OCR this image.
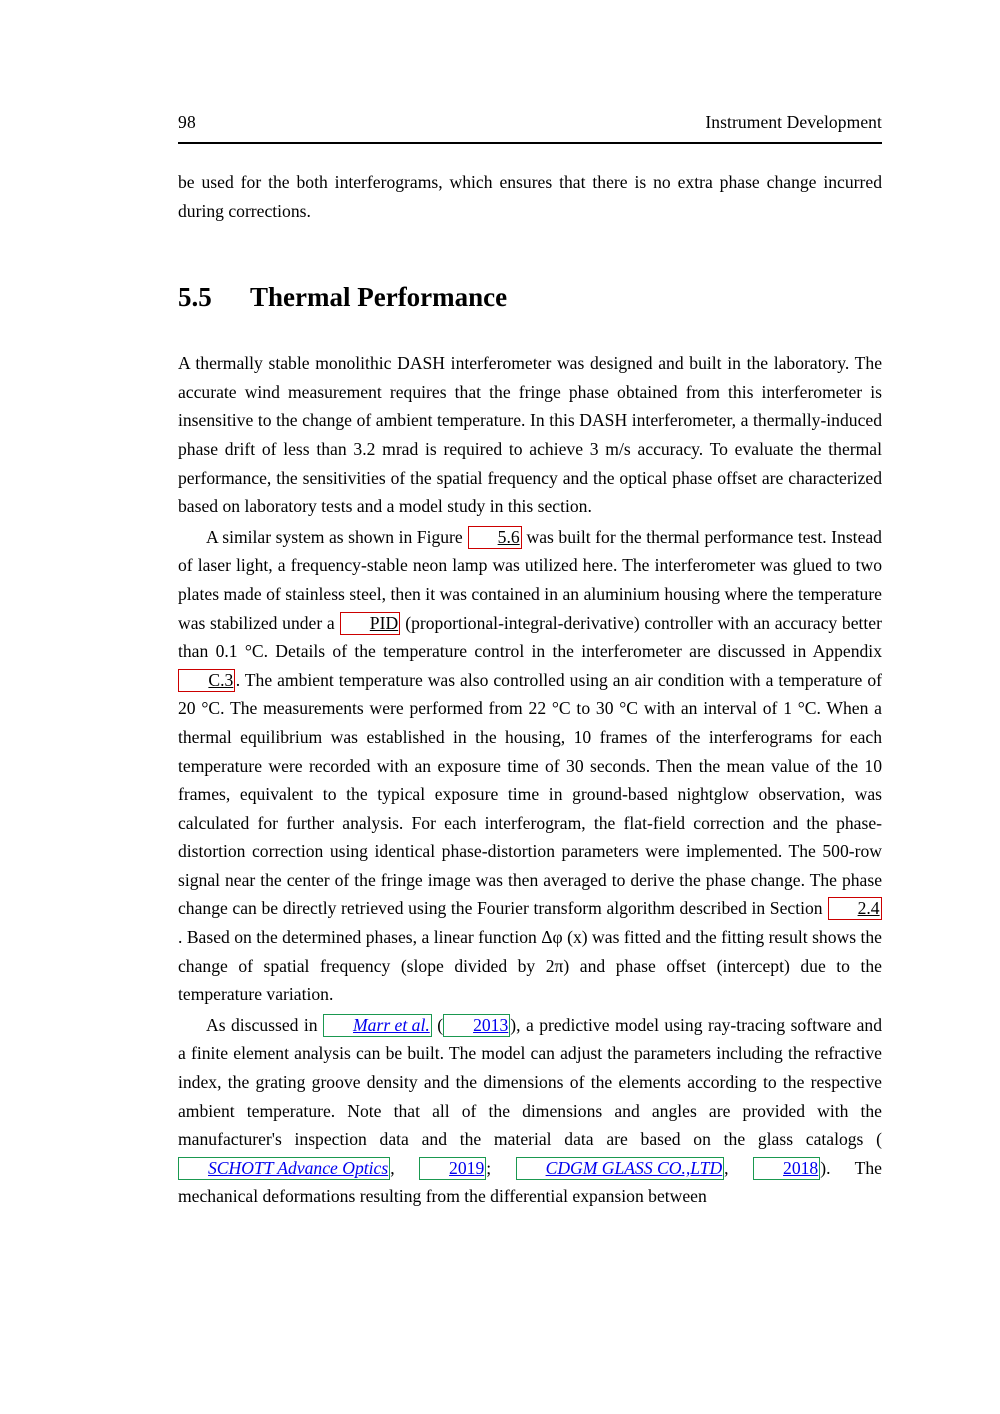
98	Instrument Development

be used for the both interferograms, which ensures that there is no extra phase change incurred during corrections.

5.5	Thermal Performance

A thermally stable monolithic DASH interferometer was designed and built in the laboratory. The accurate wind measurement requires that the fringe phase obtained from this interferometer is insensitive to the change of ambient temperature. In this DASH interferometer, a thermally-induced phase drift of less than 3.2 mrad is required to achieve 3 m/s accuracy. To evaluate the thermal performance, the sensitivities of the spatial frequency and the optical phase offset are characterized based on laboratory tests and a model study in this section.

A similar system as shown in Figure 5.6 was built for the thermal performance test. Instead of laser light, a frequency-stable neon lamp was utilized here. The interferometer was glued to two plates made of stainless steel, then it was contained in an aluminium housing where the temperature was stabilized under a PID (proportional-integral-derivative) controller with an accuracy better than 0.1 °C. Details of the temperature control in the interferometer are discussed in Appendix C.3 . The ambient temperature was also controlled using an air condition with a temperature of 20 °C. The measurements were performed from 22 °C to 30 °C with an interval of 1 °C. When a thermal equilibrium was established in the housing, 10 frames of the interferograms for each temperature were recorded with an exposure time of 30 seconds. Then the mean value of the 10 frames, equivalent to the typical exposure time in ground-based nightglow observation, was calculated for further analysis. For each interferogram, the flat-field correction and the phase-distortion correction using identical phase-distortion parameters were implemented. The 500-row signal near the center of the fringe image was then averaged to derive the phase change. The phase change can be directly retrieved using the Fourier transform algorithm described in Section 2.4. Based on the determined phases, a linear function Δφ (x) was fitted and the fitting result shows the change of spatial frequency (slope divided by 2π) and phase offset (intercept) due to the temperature variation.

As discussed in Marr et al. ( 2013 ), a predictive model using ray-tracing software and a finite element analysis can be built. The model can adjust the parameters including the refractive index, the grating groove density and the dimensions of the elements according to the respective ambient temperature. Note that all of the dimensions and angles are provided with the manufacturer's inspection data and the material data are based on the glass catalogs (SCHOTT Advance Optics ,	2019 ;	CDGM GLASS CO.,LTD ,	2018 ). The mechanical deformations resulting from the differential expansion between
